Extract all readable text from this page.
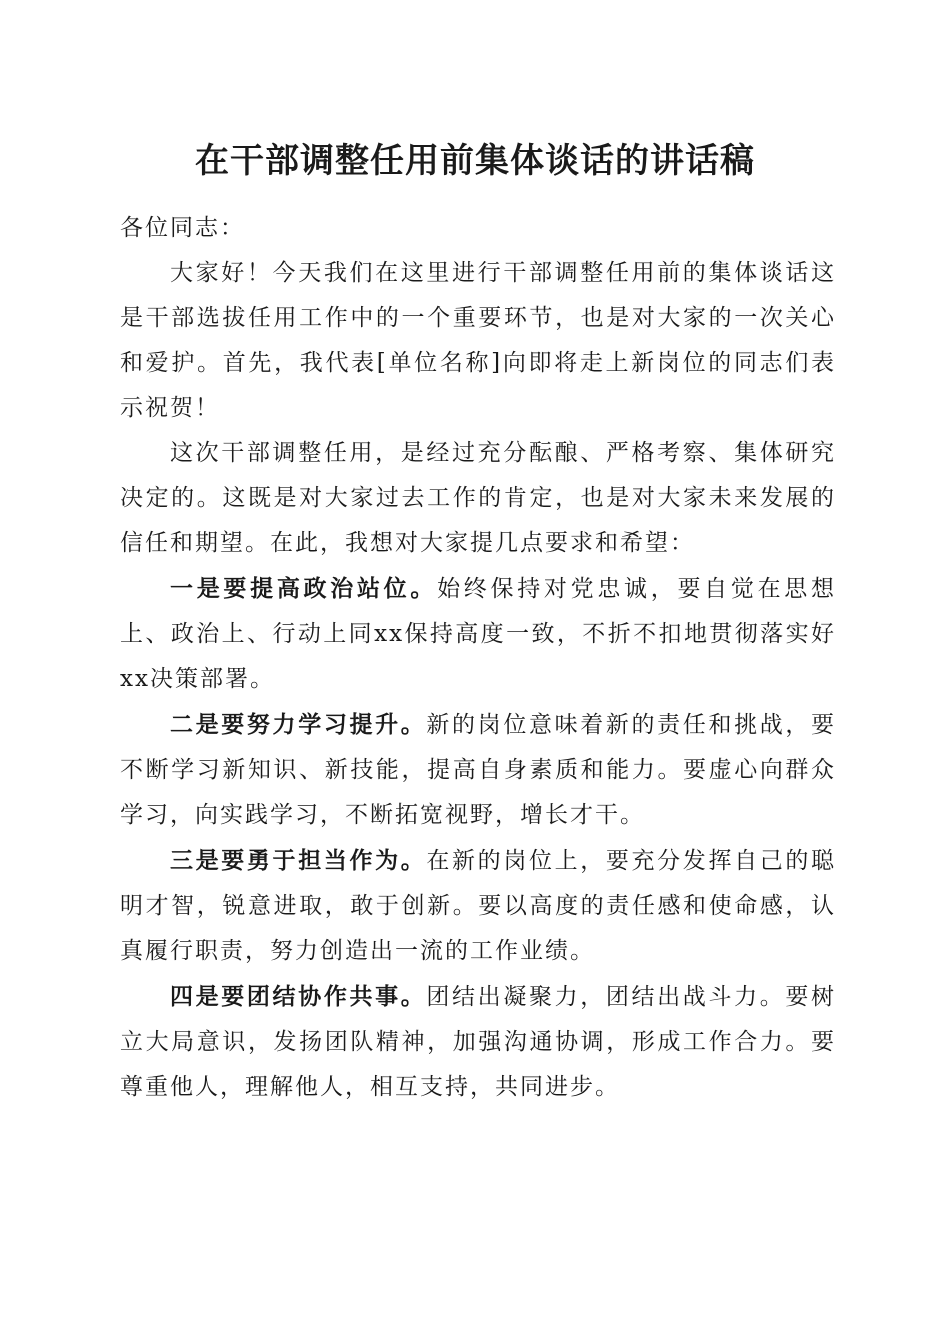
在干部调整任用前集体谈话的讲话稿

各位同志：

大家好！今天我们在这里进行干部调整任用前的集体谈话这是干部选拔任用工作中的一个重要环节，也是对大家的一次关心和爱护。首先，我代表[单位名称]向即将走上新岗位的同志们表示祝贺！

这次干部调整任用，是经过充分酝酿、严格考察、集体研究决定的。这既是对大家过去工作的肯定，也是对大家未来发展的信任和期望。在此，我想对大家提几点要求和希望：

一是要提高政治站位。始终保持对党忠诚，要自觉在思想上、政治上、行动上同xx保持高度一致，不折不扣地贯彻落实好xx决策部署。

二是要努力学习提升。新的岗位意味着新的责任和挑战，要不断学习新知识、新技能，提高自身素质和能力。要虚心向群众学习，向实践学习，不断拓宽视野，增长才干。

三是要勇于担当作为。在新的岗位上，要充分发挥自己的聪明才智，锐意进取，敢于创新。要以高度的责任感和使命感，认真履行职责，努力创造出一流的工作业绩。

四是要团结协作共事。团结出凝聚力，团结出战斗力。要树立大局意识，发扬团队精神，加强沟通协调，形成工作合力。要尊重他人，理解他人，相互支持，共同进步。
